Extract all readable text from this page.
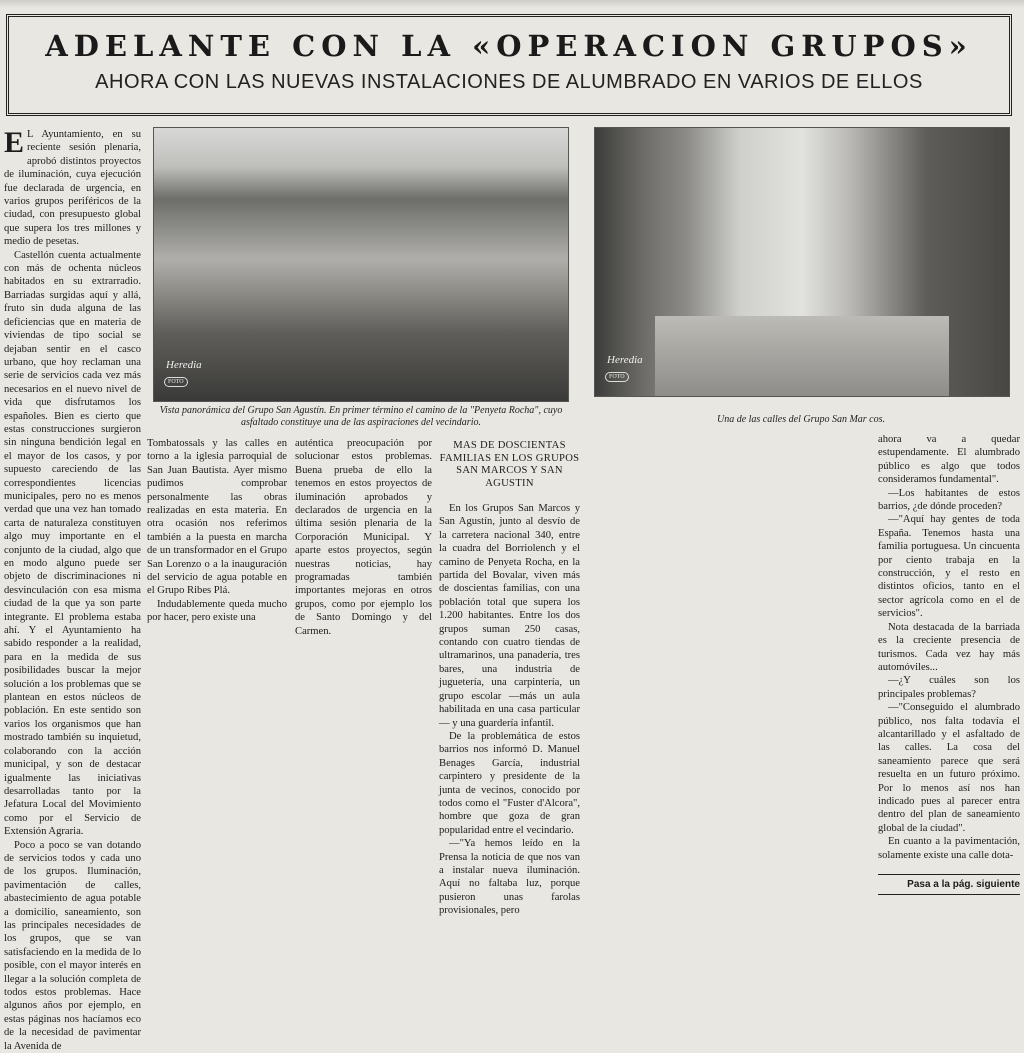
ADELANTE CON LA «OPERACION GRUPOS»
AHORA CON LAS NUEVAS INSTALACIONES DE ALUMBRADO EN VARIOS DE ELLOS
Heredia
FOTO
Vista panorámica del Grupo San Agustín. En primer término el camino de la "Penyeta Rocha", cuyo asfaltado constituye una de las aspiraciones del vecindario.
Heredia
FOTO
Una de las calles del Grupo San Mar cos.

E L Ayuntamiento, en su reciente sesión plenaria, aprobó distintos proyectos de iluminación, cuya ejecución fue declarada de urgencia, en varios grupos periféricos de la ciudad, con presupuesto global que supera los tres millones y medio de pesetas.

Castellón cuenta actualmente con más de ochenta núcleos habitados en su extrarradio. Barriadas surgidas aquí y allá, fruto sin duda alguna de las deficiencias que en materia de viviendas de tipo social se dejaban sentir en el casco urbano, que hoy reclaman una serie de servicios cada vez más necesarios en el nuevo nivel de vida que disfrutamos los españoles. Bien es cierto que estas construcciones surgieron sin ninguna bendición legal en el mayor de los casos, y por supuesto careciendo de las correspondientes licencias municipales, pero no es menos verdad que una vez han tomado carta de naturaleza constituyen algo muy importante en el conjunto de la ciudad, algo que en modo alguno puede ser objeto de discriminaciones ni desvinculación con esa misma ciudad de la que ya son parte integrante. El problema estaba ahí. Y el Ayuntamiento ha sabido responder a la realidad, para en la medida de sus posibilidades buscar la mejor solución a los problemas que se plantean en estos núcleos de población. En este sentido son varios los organismos que han mostrado también su inquietud, colaborando con la acción municipal, y son de destacar igualmente las iniciativas desarrolladas tanto por la Jefatura Local del Movimiento como por el Servicio de Extensión Agraria.

Poco a poco se van dotando de servicios todos y cada uno de los grupos. Iluminación, pavimentación de calles, abastecimiento de agua potable a domicilio, saneamiento, son las principales necesidades de los grupos, que se van satisfaciendo en la medida de lo posible, con el mayor interés en llegar a la solución completa de todos estos problemas. Hace algunos años por ejemplo, en estas páginas nos hacíamos eco de la necesidad de pavimentar la Avenida de

Tombatossals y las calles en torno a la iglesia parroquial de San Juan Bautista. Ayer mismo pudimos comprobar personalmente las obras realizadas en esta materia. En otra ocasión nos referimos también a la puesta en marcha de un transformador en el Grupo San Lorenzo o a la inauguración del servicio de agua potable en el Grupo Ribes Plá.

Indudablemente queda mucho por hacer, pero existe una

auténtica preocupación por solucionar estos problemas. Buena prueba de ello la tenemos en estos proyectos de iluminación aprobados y declarados de urgencia en la última sesión plenaria de la Corporación Municipal. Y aparte estos proyectos, según nuestras noticias, hay programadas también importantes mejoras en otros grupos, como por ejemplo los de Santo Domingo y del Carmen.

MAS DE DOSCIENTAS FAMILIAS EN LOS GRUPOS SAN MARCOS Y SAN AGUSTIN

En los Grupos San Marcos y San Agustín, junto al desvío de la carretera nacional 340, entre la cuadra del Borriolench y el camino de Penyeta Rocha, en la partida del Bovalar, viven más de doscientas familias, con una población total que supera los 1.200 habitantes. Entre los dos grupos suman 250 casas, contando con cuatro tiendas de ultramarinos, una panadería, tres bares, una industria de juguetería, una carpintería, un grupo escolar —más un aula habilitada en una casa particular— y una guardería infantil.

De la problemática de estos barrios nos informó D. Manuel Benages García, industrial carpintero y presidente de la junta de vecinos, conocido por todos como el "Fuster d'Alcora", hombre que goza de gran popularidad entre el vecindario.

—"Ya hemos leído en la Prensa la noticia de que nos van a instalar nueva iluminación. Aquí no faltaba luz, porque pusieron unas farolas provisionales, pero

ahora va a quedar estupendamente. El alumbrado público es algo que todos consideramos fundamental".

—Los habitantes de estos barrios, ¿de dónde proceden?

—"Aquí hay gentes de toda España. Tenemos hasta una familia portuguesa. Un cincuenta por ciento trabaja en la construcción, y el resto en distintos oficios, tanto en el sector agrícola como en el de servicios".

Nota destacada de la barriada es la creciente presencia de turismos. Cada vez hay más automóviles...

—¿Y cuáles son los principales problemas?

—"Conseguido el alumbrado público, nos falta todavía el alcantarillado y el asfaltado de las calles. La cosa del saneamiento parece que será resuelta en un futuro próximo. Por lo menos así nos han indicado pues al parecer entra dentro del plan de saneamiento global de la ciudad".

En cuanto a la pavimentación, solamente existe una calle dota-

Pasa a la pág. siguiente
